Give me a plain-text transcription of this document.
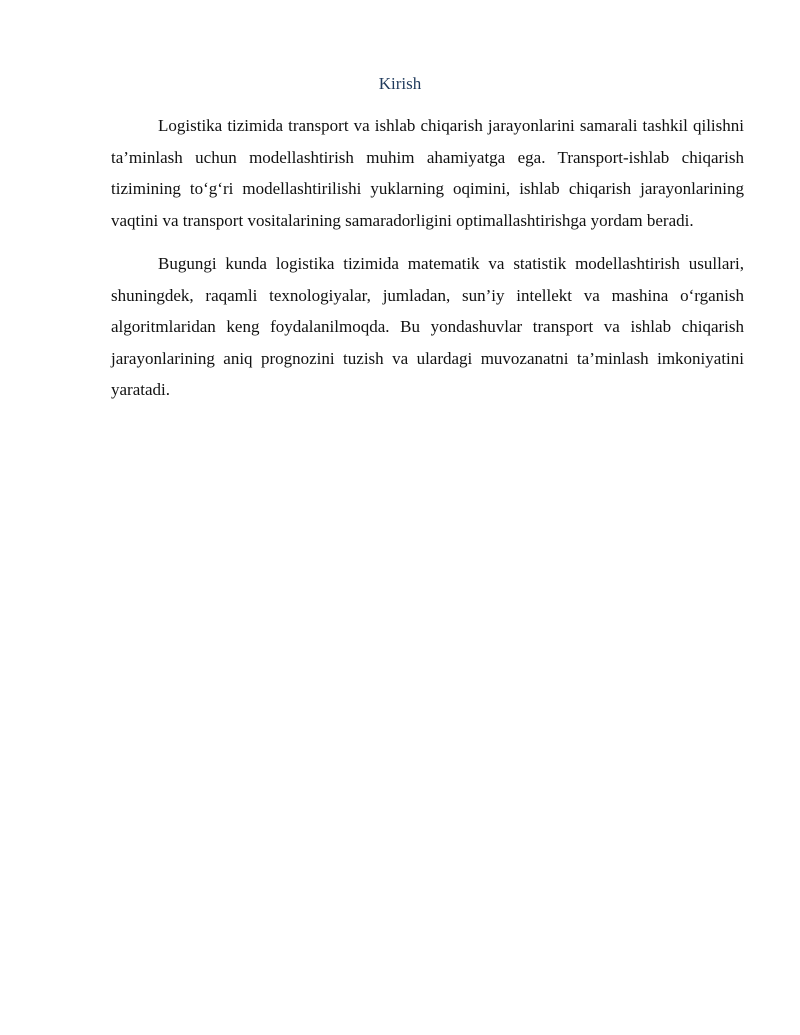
Kirish

Logistika tizimida transport va ishlab chiqarish jarayonlarini samarali tashkil qilishni ta’minlash uchun modellashtirish muhim ahamiyatga ega. Transport-ishlab chiqarish tizimining to‘g‘ri modellashtirilishi yuklarning oqimini, ishlab chiqarish jarayonlarining vaqtini va transport vositalarining samaradorligini optimallashtirishga yordam beradi.

Bugungi kunda logistika tizimida matematik va statistik modellashtirish usullari, shuningdek, raqamli texnologiyalar, jumladan, sun’iy intellekt va mashina o‘rganish algoritmlaridan keng foydalanilmoqda. Bu yondashuvlar transport va ishlab chiqarish jarayonlarining aniq prognozini tuzish va ulardagi muvozanatni ta’minlash imkoniyatini yaratadi.
